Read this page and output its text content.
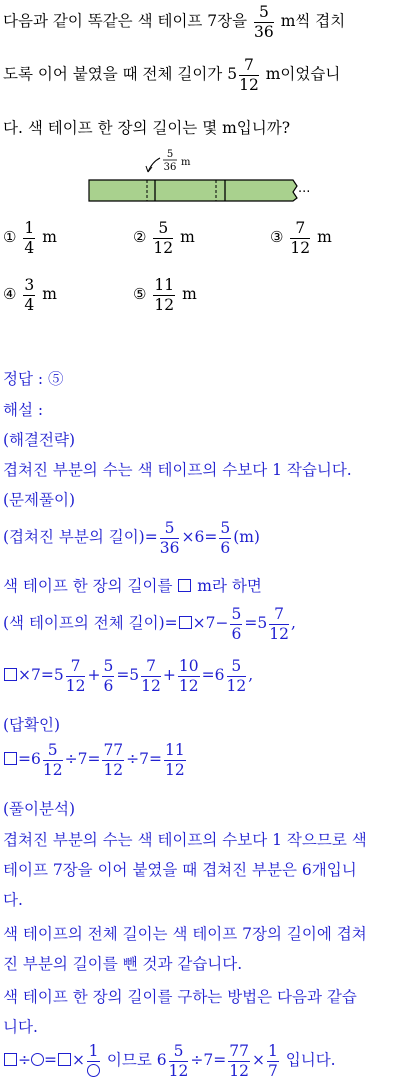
다음과 같이 똑같은 색 테이프 7장을 $\frac{5}{36}$ m씩 겹치
도록 이어 붙였을 때 전체 길이가 $5 \frac{7}{12}$ m이었습니
다. 색 테이프 한 장의 길이는 몇 m입니까?
5
36 m
···
① $\frac{1}{4}$ m	② $\frac{5}{12}$ m	③ $\frac{7}{12}$ m
④ $\frac{3}{4}$ m	⑤ $\frac{11}{12}$ m
정답 : ⑤
해설 :
(해결전략)
겹쳐진 부분의 수는 색 테이프의 수보다 1 작습니다.
(문제풀이)
(겹쳐진 부분의 길이)= $\frac{5}{36} \times 6= \frac{5}{6} (m)$
색 테이프 한 장의 길이를  m라 하면
(색 테이프의 전체 길이)= $\times 7- \frac{5}{6} =5 \frac{7}{12}$ ,
$\times 7=5 \frac{7}{12} + \frac{5}{6} =5 \frac{7}{12} + \frac{10}{12} =6 \frac{5}{12}$ ,
(답확인)
$=6 \frac{5}{12} \div 7= \frac{77}{12} \div 7= \frac{11}{12}$
(풀이분석)
겹쳐진 부분의 수는 색 테이프의 수보다 1 작으므로 색
테이프 7장을 이어 붙였을 때 겹쳐진 부분은 6개입니
다.
색 테이프의 전체 길이는 색 테이프 7장의 길이에 겹쳐
진 부분의 길이를 뺀 것과 같습니다.
색 테이프 한 장의 길이를 구하는 방법은 다음과 같습
니다.
÷ = ×
1
이므로 $6 \frac{5}{12} \div 7= \frac{77}{12} \times \frac{1}{7}$ 입니다.
